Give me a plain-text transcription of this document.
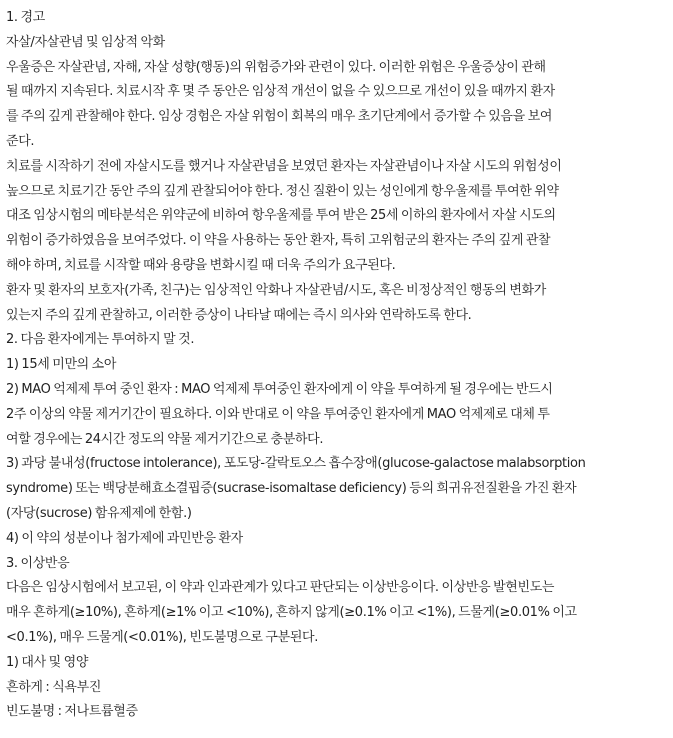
1. 경고
자살/자살관념 및 임상적 악화
우울증은 자살관념, 자해, 자살 성향(행동)의 위험증가와 관련이 있다. 이러한 위험은 우울증상이 관해
될 때까지 지속된다. 치료시작 후 몇 주 동안은 임상적 개선이 없을 수 있으므로 개선이 있을 때까지 환자
를 주의 깊게 관찰해야 한다. 임상 경험은 자살 위험이 회복의 매우 초기단계에서 증가할 수 있음을 보여
준다.
치료를 시작하기 전에 자살시도를 했거나 자살관념을 보였던 환자는 자살관념이나 자살 시도의 위험성이
높으므로 치료기간 동안 주의 깊게 관찰되어야 한다. 정신 질환이 있는 성인에게 항우울제를 투여한 위약
대조 임상시험의 메타분석은 위약군에 비하여 항우울제를 투여 받은 25세 이하의 환자에서 자살 시도의
위험이 증가하였음을 보여주었다. 이 약을 사용하는 동안 환자, 특히 고위험군의 환자는 주의 깊게 관찰
해야 하며, 치료를 시작할 때와 용량을 변화시킬 때 더욱 주의가 요구된다.
환자 및 환자의 보호자(가족, 친구)는 임상적인 악화나 자살관념/시도, 혹은 비정상적인 행동의 변화가
있는지 주의 깊게 관찰하고, 이러한 증상이 나타날 때에는 즉시 의사와 연락하도록 한다.
2. 다음 환자에게는 투여하지 말 것.
1) 15세 미만의 소아
2) MAO 억제제 투여 중인 환자 : MAO 억제제 투여중인 환자에게 이 약을 투여하게 될 경우에는 반드시
2주 이상의 약물 제거기간이 필요하다. 이와 반대로 이 약을 투여중인 환자에게 MAO 억제제로 대체 투
여할 경우에는 24시간 정도의 약물 제거기간으로 충분하다.
3) 과당 불내성(fructose intolerance), 포도당-갈락토오스 흡수장애(glucose-galactose malabsorption
syndrome) 또는 백당분해효소결핍증(sucrase-isomaltase deficiency) 등의 희귀유전질환을 가진 환자
(자당(sucrose) 함유제제에 한함.)
4) 이 약의 성분이나 첨가제에 과민반응 환자
3. 이상반응
다음은 임상시험에서 보고된, 이 약과 인과관계가 있다고 판단되는 이상반응이다. 이상반응 발현빈도는
매우 흔하게(≥10%), 흔하게(≥1% 이고 <10%), 흔하지 않게(≥0.1% 이고 <1%), 드물게(≥0.01% 이고
<0.1%), 매우 드물게(<0.01%), 빈도불명으로 구분된다.
1) 대사 및 영양
흔하게 : 식욕부진
빈도불명 : 저나트륨혈증
